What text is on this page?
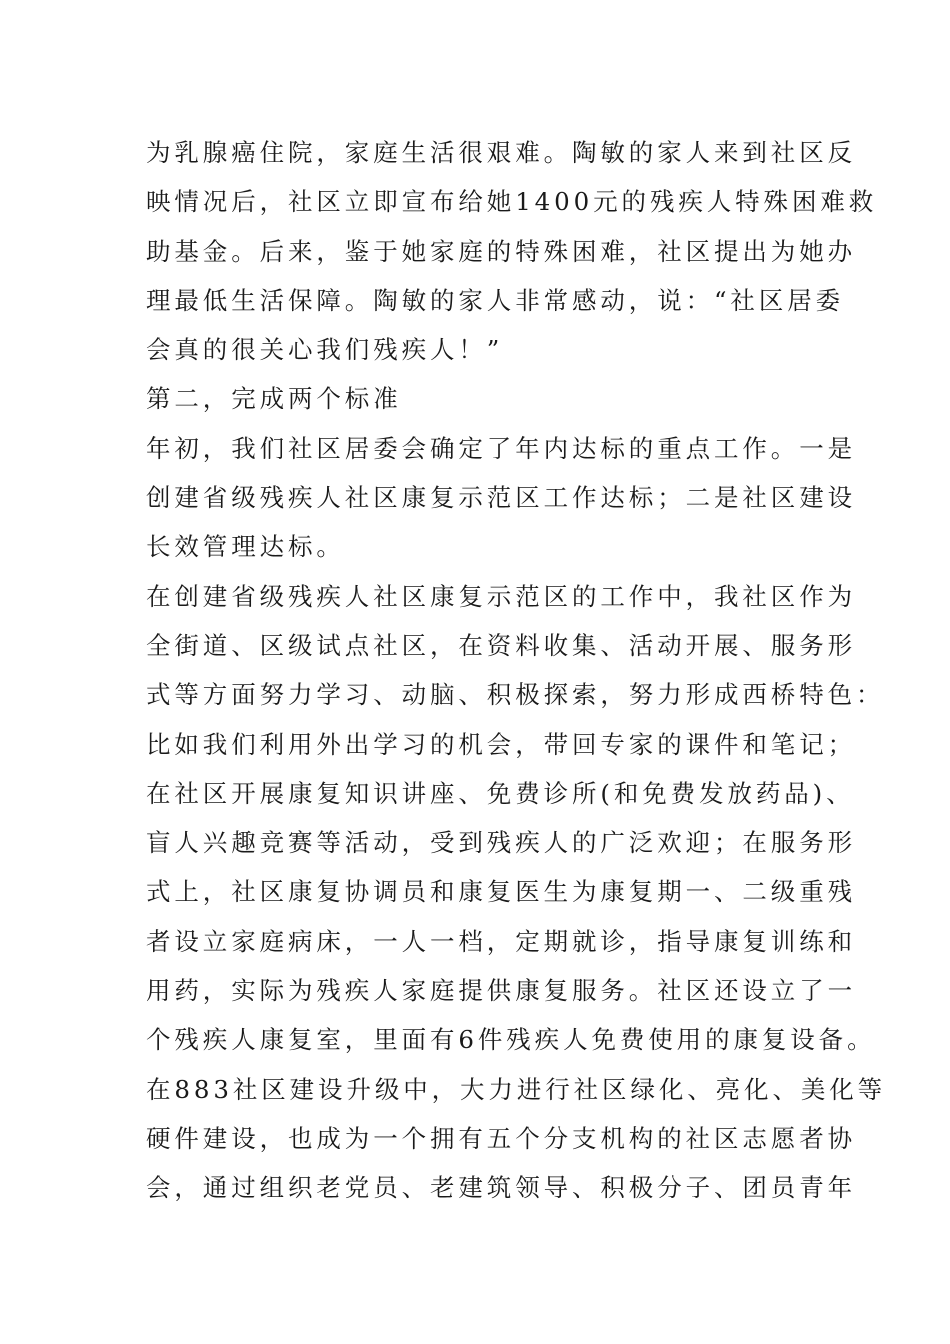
为乳腺癌住院，家庭生活很艰难。陶敏的家人来到社区反
映情况后，社区立即宣布给她1400元的残疾人特殊困难救
助基金。后来，鉴于她家庭的特殊困难，社区提出为她办
理最低生活保障。陶敏的家人非常感动，说：“社区居委
会真的很关心我们残疾人！”
第二，完成两个标准
年初，我们社区居委会确定了年内达标的重点工作。一是
创建省级残疾人社区康复示范区工作达标；二是社区建设
长效管理达标。
在创建省级残疾人社区康复示范区的工作中，我社区作为
全街道、区级试点社区，在资料收集、活动开展、服务形
式等方面努力学习、动脑、积极探索，努力形成西桥特色：
比如我们利用外出学习的机会，带回专家的课件和笔记；
在社区开展康复知识讲座、免费诊所(和免费发放药品)、
盲人兴趣竞赛等活动，受到残疾人的广泛欢迎；在服务形
式上，社区康复协调员和康复医生为康复期一、二级重残
者设立家庭病床，一人一档，定期就诊，指导康复训练和
用药，实际为残疾人家庭提供康复服务。社区还设立了一
个残疾人康复室，里面有6件残疾人免费使用的康复设备。
在883社区建设升级中，大力进行社区绿化、亮化、美化等
硬件建设，也成为一个拥有五个分支机构的社区志愿者协
会，通过组织老党员、老建筑领导、积极分子、团员青年
